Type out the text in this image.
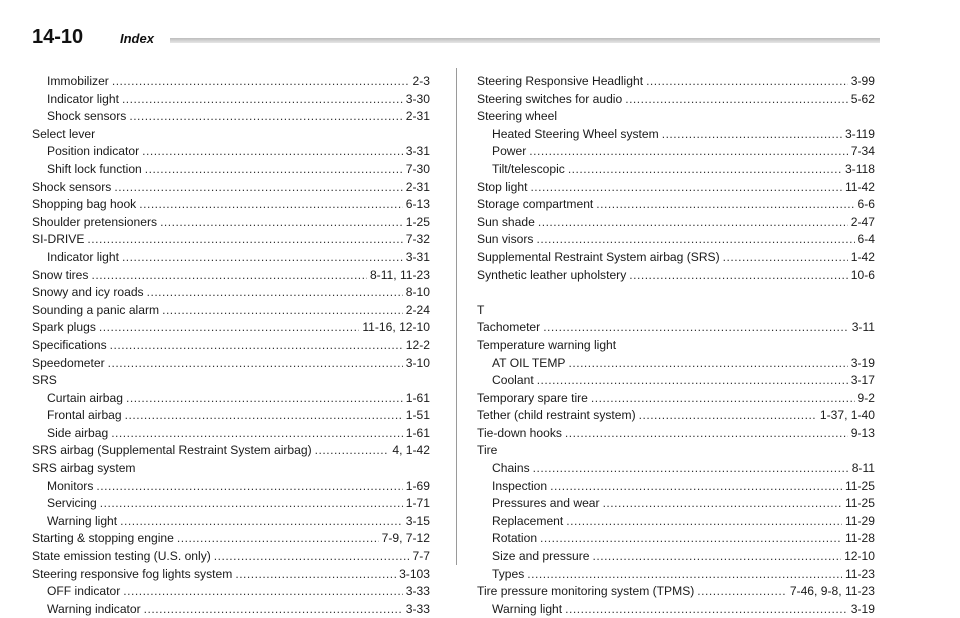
14-10	Index
Immobilizer .....	2-3
Indicator light .....	3-30
Shock sensors .....	2-31
Select lever
Position indicator .....	3-31
Shift lock function .....	7-30
Shock sensors .....	2-31
Shopping bag hook .....	6-13
Shoulder pretensioners .....	1-25
SI-DRIVE .....	7-32
Indicator light .....	3-31
Snow tires .....	8-11, 11-23
Snowy and icy roads .....	8-10
Sounding a panic alarm .....	2-24
Spark plugs .....	11-16, 12-10
Specifications .....	12-2
Speedometer .....	3-10
SRS
Curtain airbag .....	1-61
Frontal airbag .....	1-51
Side airbag .....	1-61
SRS airbag (Supplemental Restraint System airbag) .....	4, 1-42
SRS airbag system
Monitors .....	1-69
Servicing .....	1-71
Warning light .....	3-15
Starting & stopping engine .....	7-9, 7-12
State emission testing (U.S. only) .....	7-7
Steering responsive fog lights system .....	3-103
OFF indicator .....	3-33
Warning indicator .....	3-33
Steering Responsive Headlight .....	3-99
Steering switches for audio .....	5-62
Steering wheel
Heated Steering Wheel system .....	3-119
Power .....	7-34
Tilt/telescopic .....	3-118
Stop light .....	11-42
Storage compartment .....	6-6
Sun shade .....	2-47
Sun visors .....	6-4
Supplemental Restraint System airbag (SRS) .....	1-42
Synthetic leather upholstery .....	10-6
T
Tachometer .....	3-11
Temperature warning light
AT OIL TEMP .....	3-19
Coolant .....	3-17
Temporary spare tire .....	9-2
Tether (child restraint system) .....	1-37, 1-40
Tie-down hooks .....	9-13
Tire
Chains .....	8-11
Inspection .....	11-25
Pressures and wear .....	11-25
Replacement .....	11-29
Rotation .....	11-28
Size and pressure .....	12-10
Types .....	11-23
Tire pressure monitoring system (TPMS) .....	7-46, 9-8, 11-23
Warning light .....	3-19
